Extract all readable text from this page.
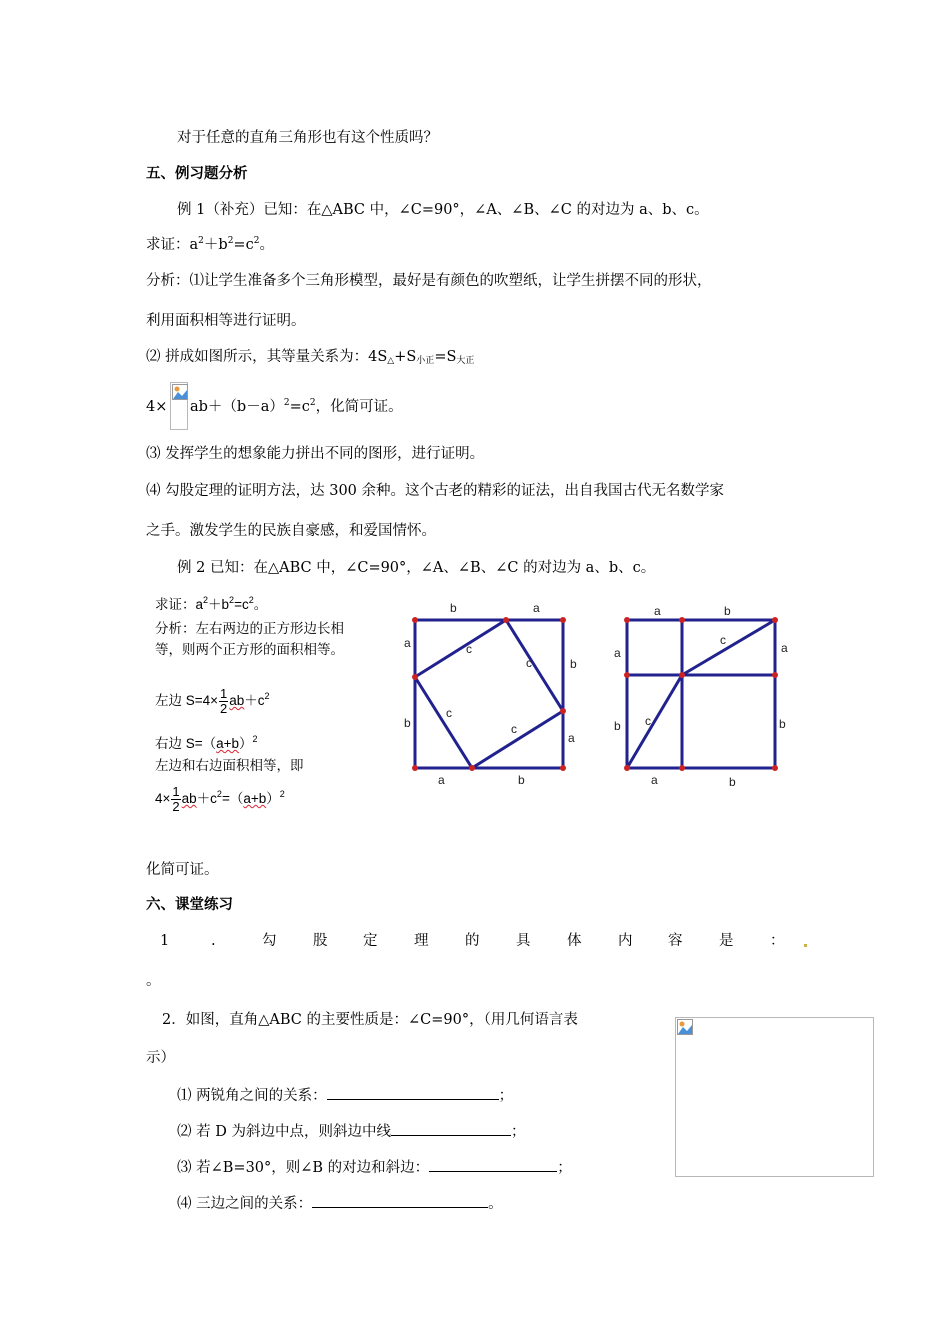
对于任意的直角三角形也有这个性质吗？
五、例习题分析
例 1（补充）已知：在△ABC 中，∠C=90°，∠A、∠B、∠C 的对边为 a、b、c。
求证：$a^2+b^2=c^2$。
分析：⑴让学生准备多个三角形模型，最好是有颜色的吹塑纸，让学生拼摆不同的形状，
利用面积相等进行证明。
⑵ 拼成如图所示，其等量关系为：$4S_\triangle+S_{小正}=S_{大正}$
$4\times ab+(b-a)^2=c^2$，化简可证。
⑶ 发挥学生的想象能力拼出不同的图形，进行证明。
⑷ 勾股定理的证明方法，达 300 余种。这个古老的精彩的证法，出自我国古代无名数学家
之手。激发学生的民族自豪感，和爱国情怀。
例 2 已知：在△ABC 中，∠C=90°，∠A、∠B、∠C 的对边为 a、b、c。
求证：$a^2+b^2=c^2$。
分析：左右两边的正方形边长相
等，则两个正方形的面积相等。
左边 $S=4\times \frac{1}{2} ab+c^2$
右边 $S=(a+b)^2$
左边和右边面积相等，即
$4\times \frac{1}{2} ab+c^2=(a+b)^2$
b	a
a
b
b
a
a	b
c
c
c
c
a	b
a
b
a
b
a	b
c
c
化简可证。
六、课堂练习
1	.	勾	股 定	理	的	具	体	内 容	是	：
。
2．如图，直角△ABC 的主要性质是：∠C=90°，（用几何语言表
示）
⑴ 两锐角之间的关系：	；
⑵ 若 D 为斜边中点，则斜边中线	；
⑶ 若∠B=30°，则∠B 的对边和斜边：	；
⑷ 三边之间的关系：	。
